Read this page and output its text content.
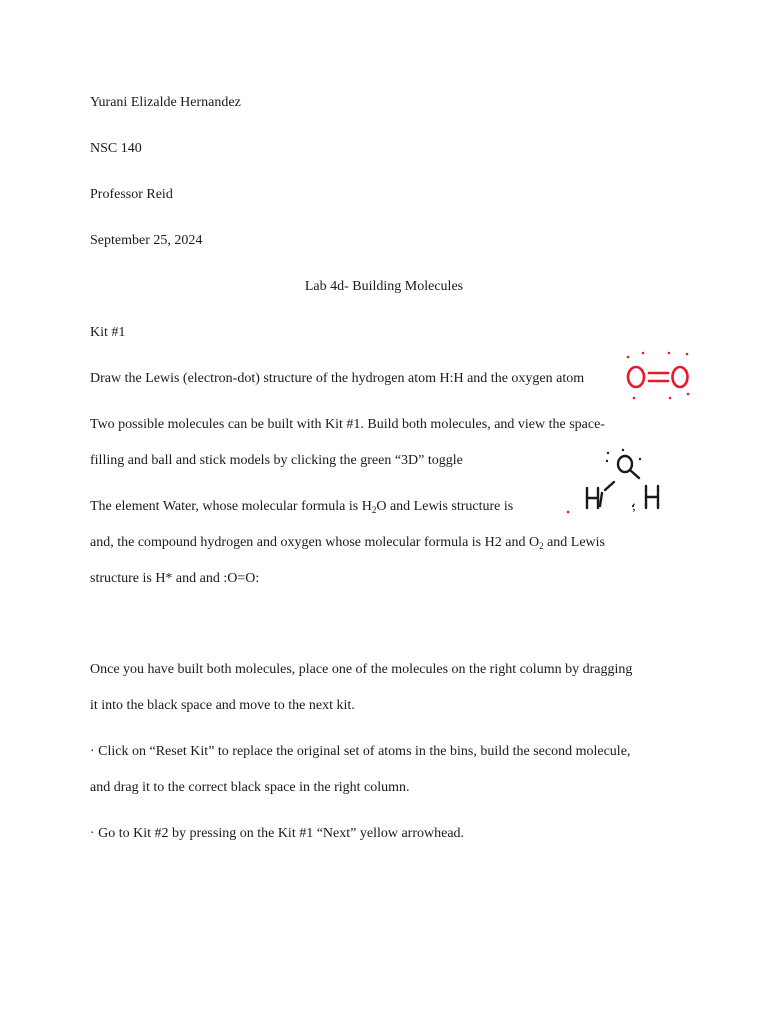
Yurani Elizalde Hernandez
NSC 140
Professor Reid
September 25, 2024
Lab 4d- Building Molecules
Kit #1
Draw the Lewis (electron-dot) structure of the hydrogen atom H:H and the oxygen atom
Two possible molecules can be built with Kit #1. Build both molecules, and view the space-
filling and ball and stick models by clicking the green “3D” toggle
The element Water, whose molecular formula is $H_2O$ and Lewis structure is	;
and, the compound hydrogen and oxygen whose molecular formula is H2 and $O_2$ and Lewis
structure is H* and and :O=O:
Once you have built both molecules, place one of the molecules on the right column by dragging
it into the black space and move to the next kit.
· Click on “Reset Kit” to replace the original set of atoms in the bins, build the second molecule,
and drag it to the correct black space in the right column.
· Go to Kit #2 by pressing on the Kit #1 “Next” yellow arrowhead.
